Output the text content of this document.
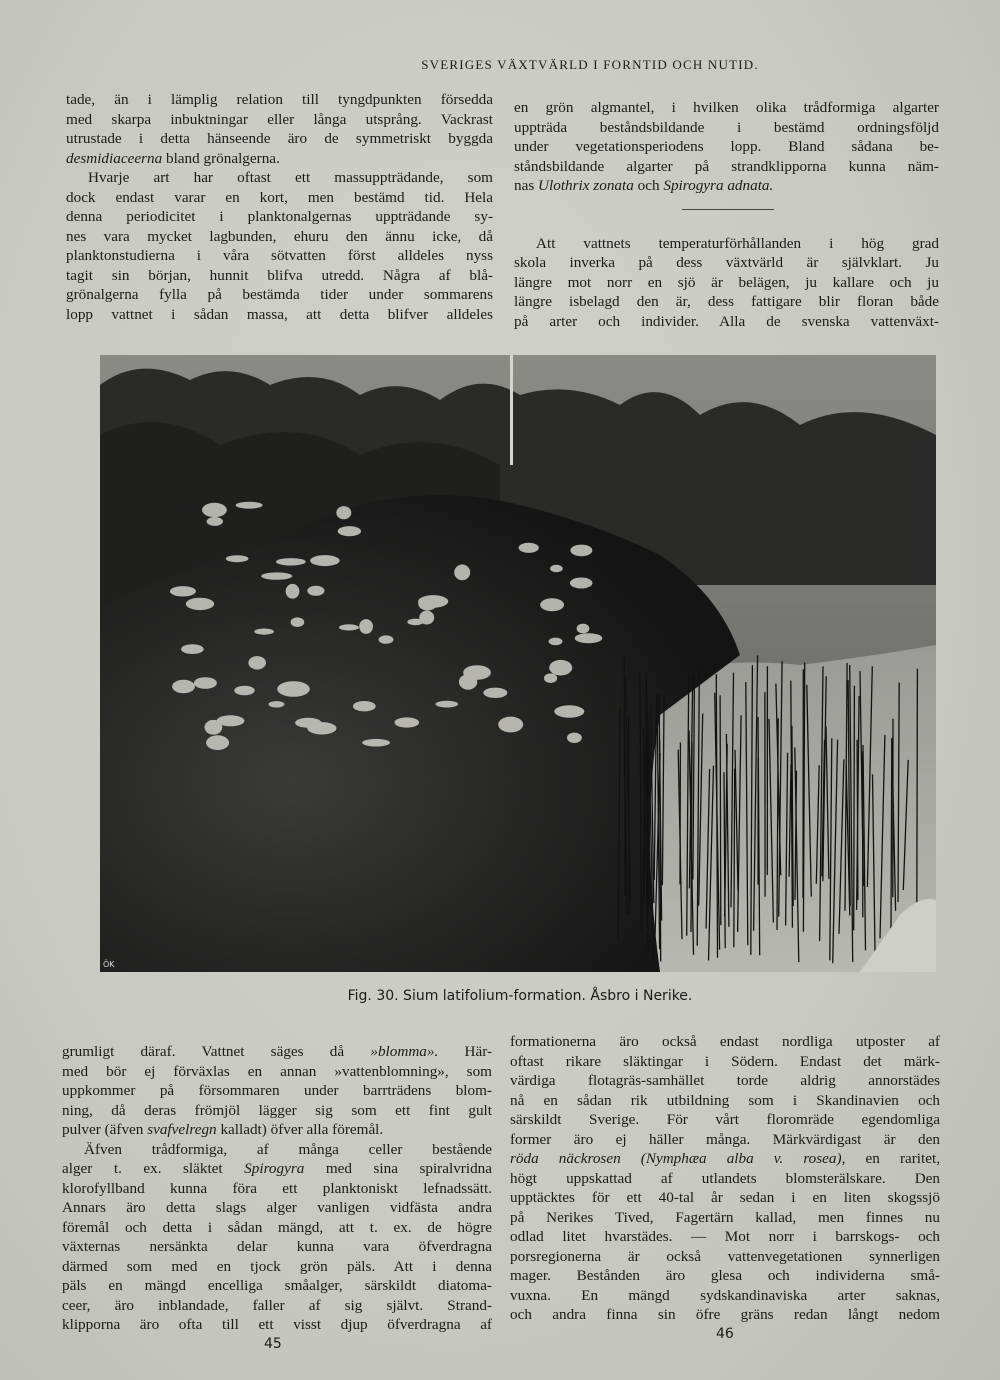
SVERIGES VÄXTVÄRLD I FORNTID OCH NUTID.
tade, än i lämplig relation till tyngdpunkten försedda
med skarpa inbuktningar eller långa utsprång. Vackrast
utrustade i detta hänseende äro de symmetriskt byggda
desmidiaceerna bland grönalgerna.
Hvarje art har oftast ett massuppträdande, som
dock endast varar en kort, men bestämd tid. Hela
denna periodicitet i planktonalgernas uppträdande sy-
nes vara mycket lagbunden, ehuru den ännu icke, då
planktonstudierna i våra sötvatten först alldeles nyss
tagit sin början, hunnit blifva utredd. Några af blå-
grönalgerna fylla på bestämda tider under sommarens
lopp vattnet i sådan massa, att detta blifver alldeles
en grön algmantel, i hvilken olika trådformiga algarter
uppträda beståndsbildande i bestämd ordningsföljd
under vegetationsperiodens lopp. Bland sådana be-
ståndsbildande algarter på strandklipporna kunna näm-
nas Ulothrix zonata och Spirogyra adnata.
Att vattnets temperaturförhållanden i hög grad
skola inverka på dess växtvärld är självklart. Ju
längre mot norr en sjö är belägen, ju kallare och ju
längre isbelagd den är, dess fattigare blir floran både
på arter och individer. Alla de svenska vattenväxt-
ÖK
Fig. 30. Sium latifolium-formation. Åsbro i Nerike.
grumligt däraf. Vattnet säges då »blomma». Här-
med bör ej förväxlas en annan »vattenblomning», som
uppkommer på försommaren under barrträdens blom-
ning, då deras frömjöl lägger sig som ett fint gult
pulver (äfven svafvelregn kalladt) öfver alla föremål.
Äfven trådformiga, af många celler bestående
alger t. ex. släktet Spirogyra med sina spiralvridna
klorofyllband kunna föra ett planktoniskt lefnadssätt.
Annars äro detta slags alger vanligen vidfästa andra
föremål och detta i sådan mängd, att t. ex. de högre
växternas nersänkta delar kunna vara öfverdragna
därmed som med en tjock grön päls. Att i denna
päls en mängd encelliga småalger, särskildt diatoma-
ceer, äro inblandade, faller af sig självt. Strand-
klipporna äro ofta till ett visst djup öfverdragna af
formationerna äro också endast nordliga utposter af
oftast rikare släktingar i Södern. Endast det märk-
värdiga flotagräs-samhället torde aldrig annorstädes
nå en sådan rik utbildning som i Skandinavien och
särskildt Sverige. För vårt floromräde egendomliga
former äro ej häller många. Märkvärdigast är den
röda näckrosen (Nymphæa alba v. rosea), en raritet,
högt uppskattad af utlandets blomsterälskare. Den
upptäcktes för ett 40-tal år sedan i en liten skogssjö
på Nerikes Tived, Fagertärn kallad, men finnes nu
odlad litet hvarstädes. — Mot norr i barrskogs- och
porsregionerna är också vattenvegetationen synnerligen
mager. Bestånden äro glesa och individerna små-
vuxna. En mängd sydskandinaviska arter saknas,
och andra finna sin öfre gräns redan långt nedom
45
46
